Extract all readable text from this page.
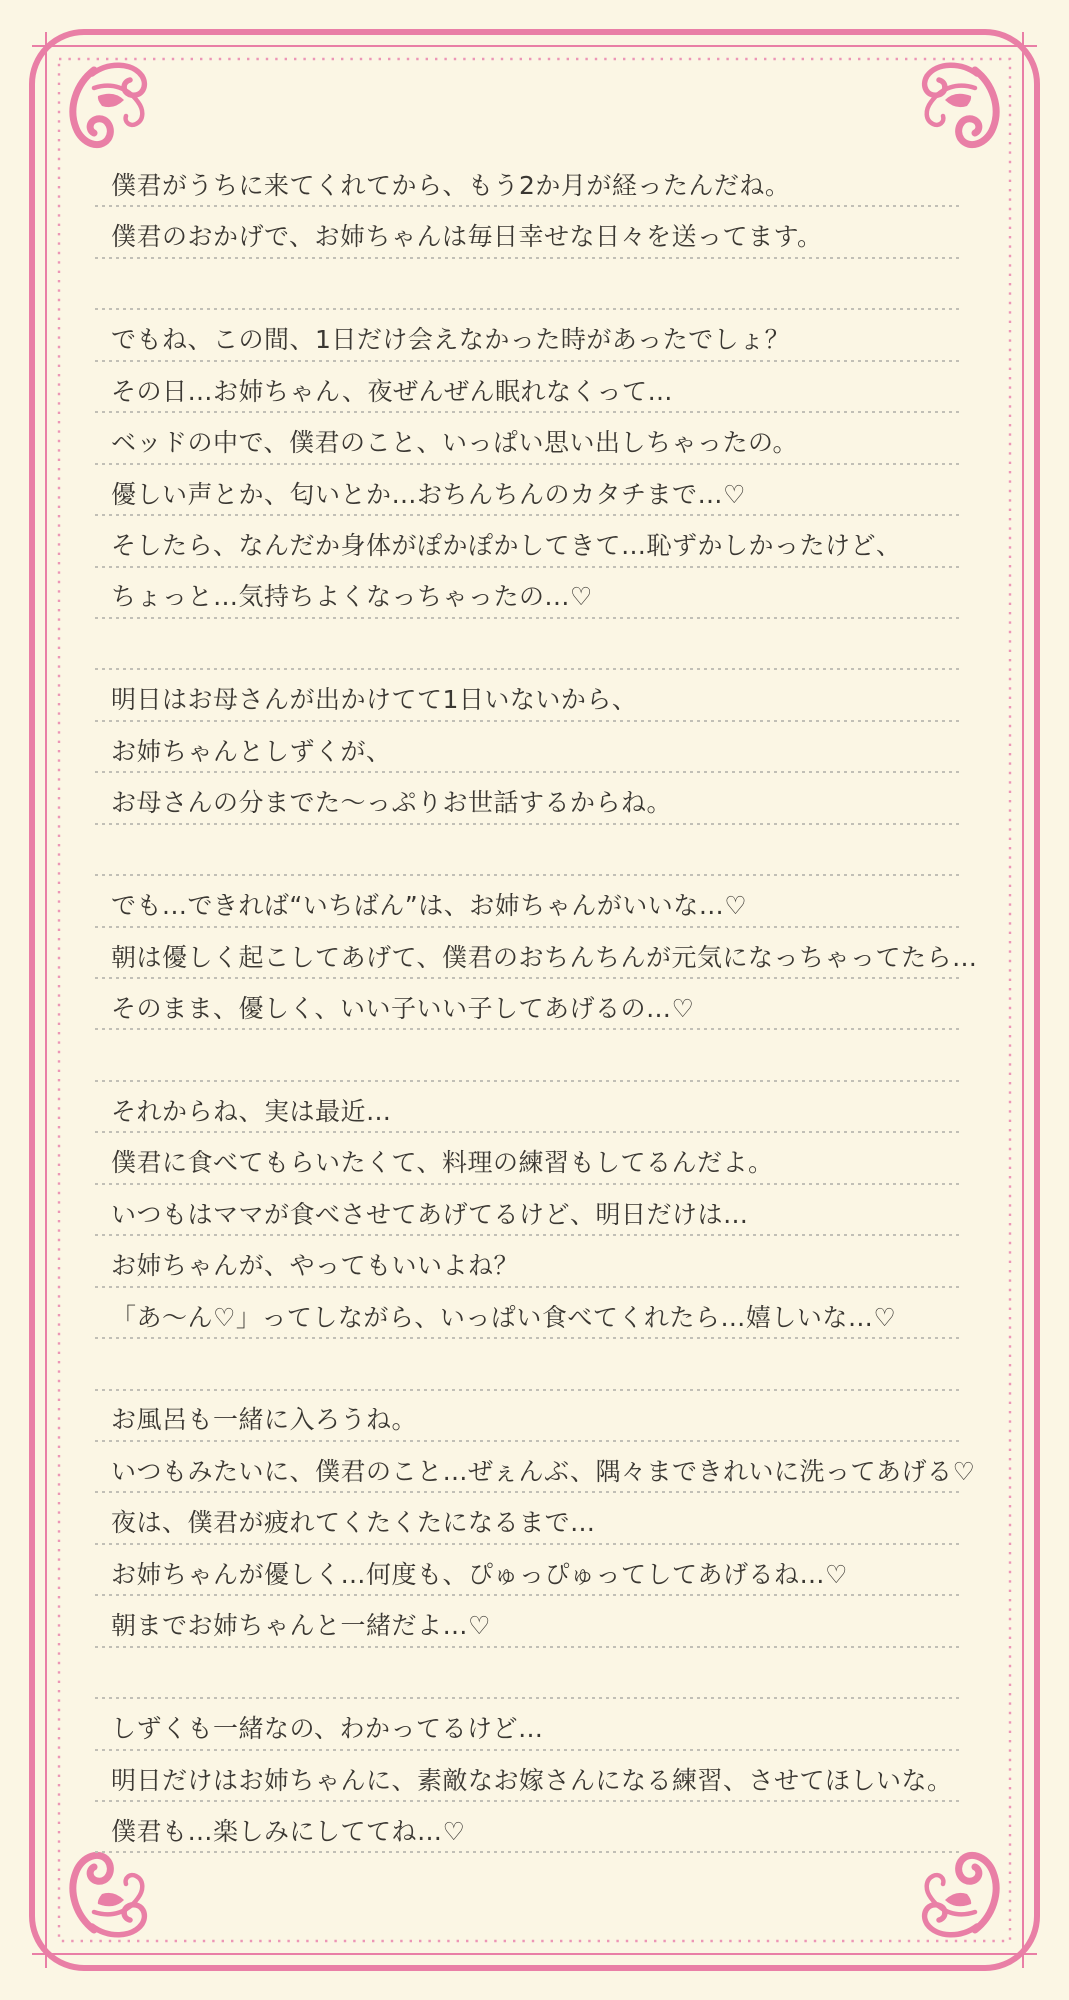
僕君がうちに来てくれてから、もう2か月が経ったんだね。
僕君のおかげで、お姉ちゃんは毎日幸せな日々を送ってます。
でもね、この間、1日だけ会えなかった時があったでしょ？
その日…お姉ちゃん、夜ぜんぜん眠れなくって…
ベッドの中で、僕君のこと、いっぱい思い出しちゃったの。
優しい声とか、匂いとか…おちんちんのカタチまで…♡
そしたら、なんだか身体がぽかぽかしてきて…恥ずかしかったけど、
ちょっと…気持ちよくなっちゃったの...♡
明日はお母さんが出かけてて1日いないから、
お姉ちゃんとしずくが、
お母さんの分までた〜っぷりお世話するからね。
でも...できれば“いちばん”は、お姉ちゃんがいいな…♡
朝は優しく起こしてあげて、僕君のおちんちんが元気になっちゃってたら…
そのまま、優しく、いい子いい子してあげるの…♡
それからね、実は最近…
僕君に食べてもらいたくて、料理の練習もしてるんだよ。
いつもはママが食べさせてあげてるけど、明日だけは…
お姉ちゃんが、やってもいいよね？
「あ〜ん♡」ってしながら、いっぱい食べてくれたら…嬉しいな…♡
お風呂も一緒に入ろうね。
いつもみたいに、僕君のこと…ぜぇんぶ、隅々まできれいに洗ってあげる♡
夜は、僕君が疲れてくたくたになるまで…
お姉ちゃんが優しく…何度も、ぴゅっぴゅってしてあげるね…♡
朝までお姉ちゃんと一緒だよ…♡
しずくも一緒なの、わかってるけど…
明日だけはお姉ちゃんに、素敵なお嫁さんになる練習、させてほしいな。
僕君も…楽しみにしててね…♡
